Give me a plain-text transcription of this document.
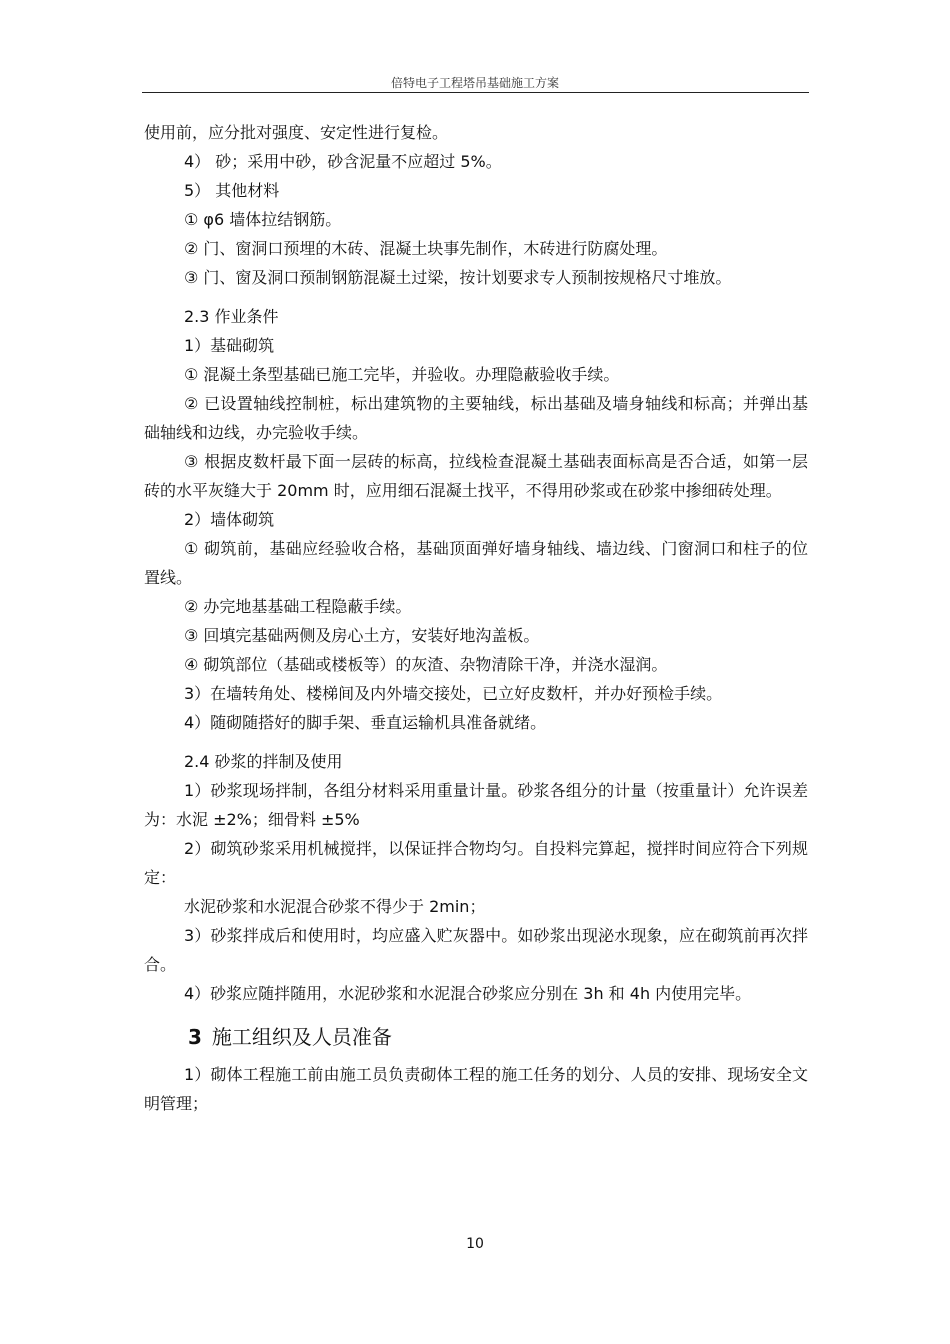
倍特电子工程塔吊基础施工方案

使用前，应分批对强度、安定性进行复检。

4） 砂；采用中砂，砂含泥量不应超过 5%。

5） 其他材料

① φ6 墙体拉结钢筋。

② 门、窗洞口预埋的木砖、混凝土块事先制作，木砖进行防腐处理。

③ 门、窗及洞口预制钢筋混凝土过梁，按计划要求专人预制按规格尺寸堆放。

2.3 作业条件

1）基础砌筑

① 混凝土条型基础已施工完毕，并验收。办理隐蔽验收手续。

② 已设置轴线控制桩，标出建筑物的主要轴线，标出基础及墙身轴线和标高；并弹出基础轴线和边线，办完验收手续。

③ 根据皮数杆最下面一层砖的标高，拉线检查混凝土基础表面标高是否合适，如第一层砖的水平灰缝大于 20mm 时，应用细石混凝土找平，不得用砂浆或在砂浆中掺细砖处理。

2）墙体砌筑

① 砌筑前，基础应经验收合格，基础顶面弹好墙身轴线、墙边线、门窗洞口和柱子的位置线。

② 办完地基基础工程隐蔽手续。

③ 回填完基础两侧及房心土方，安装好地沟盖板。

④ 砌筑部位（基础或楼板等）的灰渣、杂物清除干净，并浇水湿润。

3）在墙转角处、楼梯间及内外墙交接处，已立好皮数杆，并办好预检手续。

4）随砌随搭好的脚手架、垂直运输机具准备就绪。

2.4 砂浆的拌制及使用

1）砂浆现场拌制，各组分材料采用重量计量。砂浆各组分的计量（按重量计）允许误差为：水泥 ±2%；细骨料 ±5%

2）砌筑砂浆采用机械搅拌，以保证拌合物均匀。自投料完算起，搅拌时间应符合下列规定：

水泥砂浆和水泥混合砂浆不得少于 2min；

3）砂浆拌成后和使用时，均应盛入贮灰器中。如砂浆出现泌水现象，应在砌筑前再次拌合。

4）砂浆应随拌随用，水泥砂浆和水泥混合砂浆应分别在 3h 和 4h 内使用完毕。

3 施工组织及人员准备

1）砌体工程施工前由施工员负责砌体工程的施工任务的划分、人员的安排、现场安全文明管理；

10
